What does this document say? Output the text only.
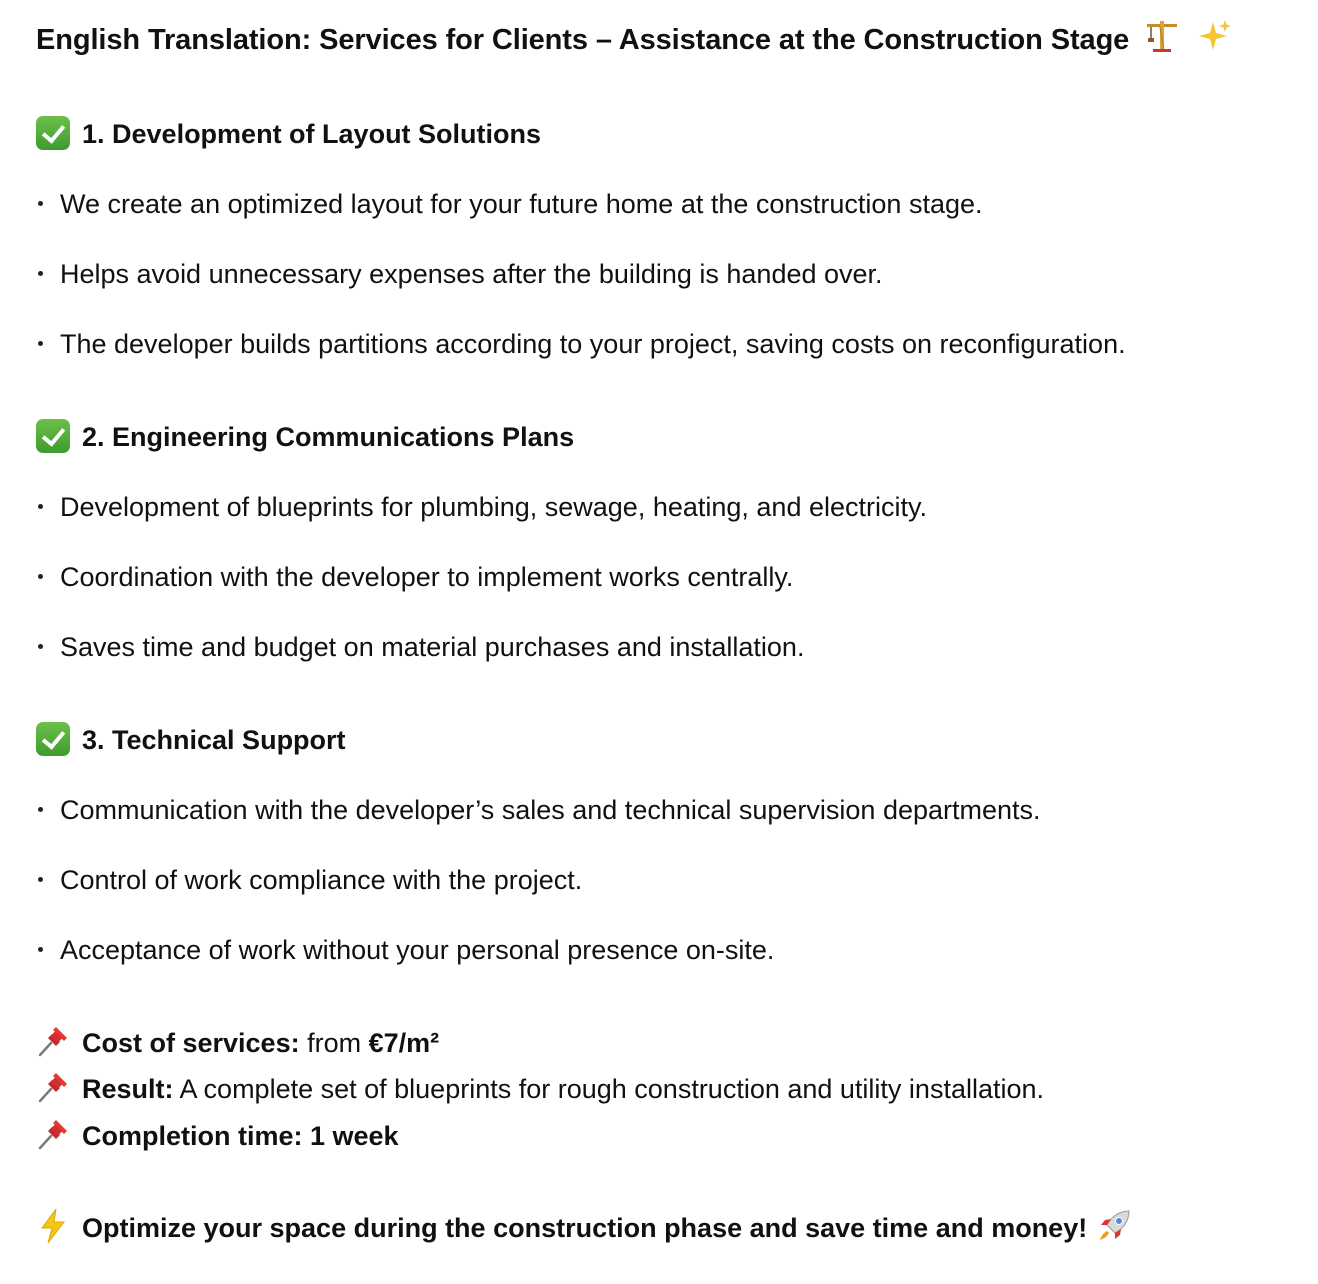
English Translation: Services for Clients – Assistance at the Construction Stage
1. Development of Layout Solutions
We create an optimized layout for your future home at the construction stage.
Helps avoid unnecessary expenses after the building is handed over.
The developer builds partitions according to your project, saving costs on reconfiguration.
2. Engineering Communications Plans
Development of blueprints for plumbing, sewage, heating, and electricity.
Coordination with the developer to implement works centrally.
Saves time and budget on material purchases and installation.
3. Technical Support
Communication with the developer’s sales and technical supervision departments.
Control of work compliance with the project.
Acceptance of work without your personal presence on-site.
Cost of services: from €7/m²
Result: A complete set of blueprints for rough construction and utility installation.
Completion time: 1 week
Optimize your space during the construction phase and save time and money!
